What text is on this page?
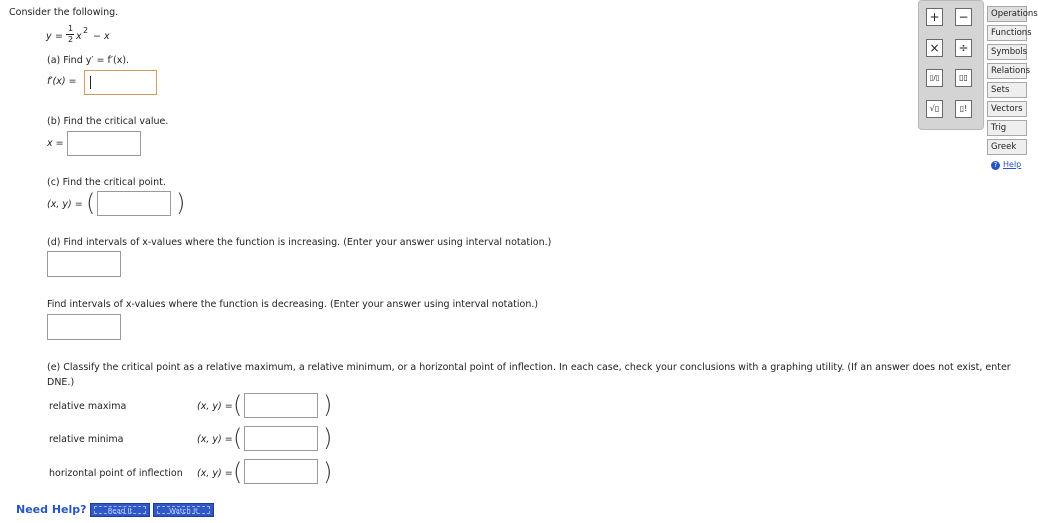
Consider the following.
y =
1
2 x
2
− x
(a) Find y′ = f′(x).
f′(x) =
(b) Find the critical value.
x =
(c) Find the critical point.
(x, y) = (	)
(d) Find intervals of x-values where the function is increasing. (Enter your answer using interval notation.)
Find intervals of x-values where the function is decreasing. (Enter your answer using interval notation.)
(e) Classify the critical point as a relative maximum, a relative minimum, or a horizontal point of inflection. In each case, check your conclusions with a graphing utility. (If an answer does not exist, enter
DNE.)
relative maxima	(x, y) = (	)
relative minima	(x, y) = (	)
horizontal point of inflection (x, y) = (	)
Need Help?	Read It	Watch It
+ −
× ÷
▯/▯	▯▯
√▯	▯!
Operations
Functions
Symbols
Relations
Sets
Vectors
Trig
Greek
? Help
